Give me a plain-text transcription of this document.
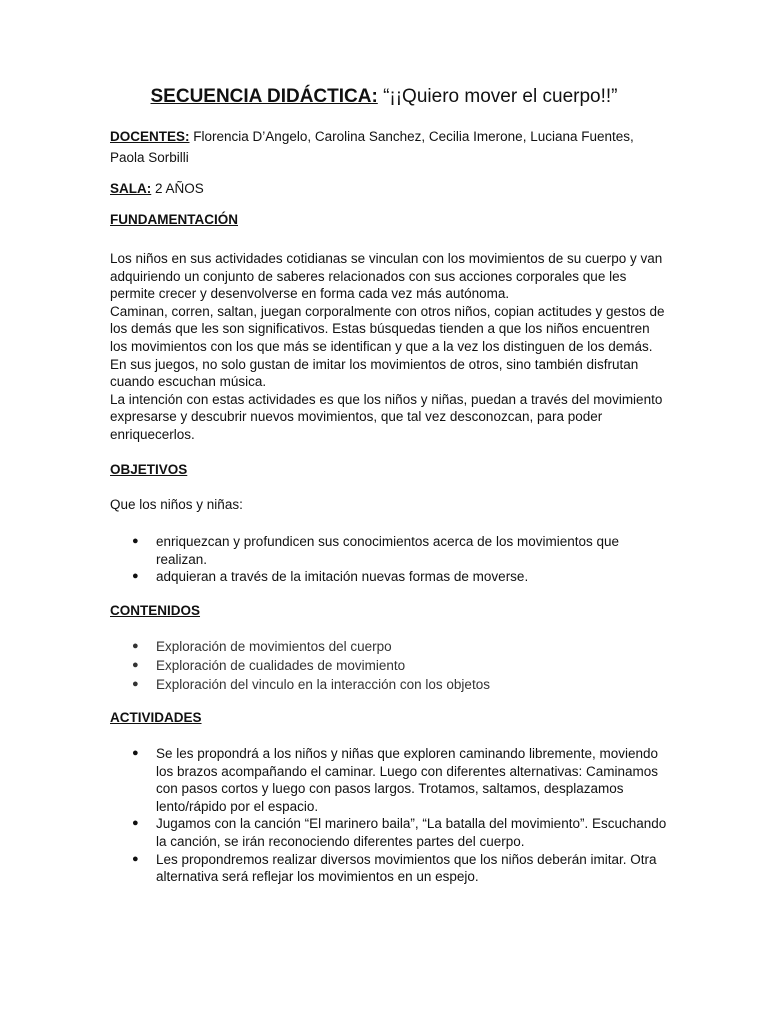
SECUENCIA DIDÁCTICA: “¡¡Quiero mover el cuerpo!!”
DOCENTES: Florencia D’Angelo, Carolina Sanchez, Cecilia Imerone, Luciana Fuentes, Paola Sorbilli
SALA: 2 AÑOS
FUNDAMENTACIÓN

Los niños en sus actividades cotidianas se vinculan con los movimientos de su cuerpo y van adquiriendo un conjunto de saberes relacionados con sus acciones corporales que les permite crecer y desenvolverse en forma cada vez más autónoma.

Caminan, corren, saltan, juegan corporalmente con otros niños, copian actitudes y gestos de los demás que les son significativos. Estas búsquedas tienden a que los niños encuentren los movimientos con los que más se identifican y que a la vez los distinguen de los demás. En sus juegos, no solo gustan de imitar los movimientos de otros, sino también disfrutan cuando escuchan música.

La intención con estas actividades es que los niños y niñas, puedan a través del movimiento expresarse y descubrir nuevos movimientos, que tal vez desconozcan, para poder enriquecerlos.

OBJETIVOS
Que los niños y niñas:
● enriquezcan y profundicen sus conocimientos acerca de los movimientos que realizan.
● adquieran a través de la imitación nuevas formas de moverse.
CONTENIDOS
● Exploración de movimientos del cuerpo
● Exploración de cualidades de movimiento
● Exploración del vinculo en la interacción con los objetos
ACTIVIDADES
● Se les propondrá a los niños y niñas que exploren caminando libremente, moviendo los brazos acompañando el caminar. Luego con diferentes alternativas: Caminamos con pasos cortos y luego con pasos largos. Trotamos, saltamos, desplazamos lento/rápido por el espacio.
● Jugamos con la canción “El marinero baila”, “La batalla del movimiento”. Escuchando la canción, se irán reconociendo diferentes partes del cuerpo.
● Les propondremos realizar diversos movimientos que los niños deberán imitar. Otra alternativa será reflejar los movimientos en un espejo.
